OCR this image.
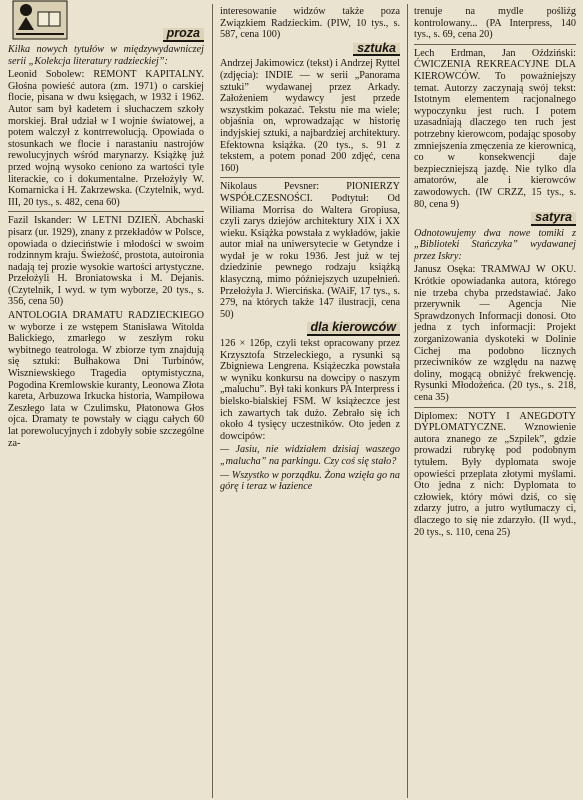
proza

Kilka nowych tytułów w międzywydawniczej serii „Kolekcja literatury radzieckiej”:

Leonid Sobolew: REMONT KAPITALNY. Głośna powieść autora (zm. 1971) o carskiej flocie, pisana w dwu księgach, w 1932 i 1962. Autor sam był kadetem i słuchaczem szkoły morskiej. Brał udział w I wojnie światowej, a potem walczył z kontrrewolucją. Opowiada o stosunkach we flocie i narastaniu nastrojów rewolucyjnych wśród marynarzy. Książkę już przed wojną wysoko ceniono za wartości tyle literackie, co i dokumentalne. Przełożyły W. Komarnicka i H. Zakrzewska. (Czytelnik, wyd. III, 20 tys., s. 482, cena 60)

Fazil Iskander: W LETNI DZIEŃ. Abchaski pisarz (ur. 1929), znany z przekładów w Polsce, opowiada o dzieciństwie i młodości w swoim rodzinnym kraju. Świeżość, prostota, autoironia nadają tej prozie wysokie wartości artystyczne. Przełożyli H. Broniatowska i M. Dejanis. (Czytelnik, I wyd. w tym wyborze, 20 tys., s. 356, cena 50)

ANTOLOGIA DRAMATU RADZIECKIEGO w wyborze i ze wstępem Stanisława Witolda Balickiego, zmarłego w zeszłym roku wybitnego teatrologa. W zbiorze tym znajdują się sztuki: Bułhakowa Dni Turbinów, Wiszniewskiego Tragedia optymistyczna, Pogodina Kremlowskie kuranty, Leonowa Złota kareta, Arbuzowa Irkucka historia, Wampiłowa Zeszłego lata w Czulimsku, Płatonowa Głos ojca. Dramaty te powstały w ciągu całych 60 lat porewolucyjnych i zdobyły sobie szczególne za-

interesowanie widzów także poza Związkiem Radzieckim. (PIW, 10 tys., s. 587, cena 100)

sztuka

Andrzej Jakimowicz (tekst) i Andrzej Ryttel (zdjęcia): INDIE — w serii „Panorama sztuki” wydawanej przez Arkady. Założeniem wydawcy jest przede wszystkim pokazać. Tekstu nie ma wiele; objaśnia on, wprowadzając w historię indyjskiej sztuki, a najbardziej architektury. Efektowna książka. (20 tys., s. 91 z tekstem, a potem ponad 200 zdjęć, cena 160)

Nikolaus Pevsner: PIONIERZY WSPÓŁCZESNOŚCI. Podtytuł: Od Wiliama Morrisa do Waltera Gropiusa, czyli zarys dziejów architektury XIX i XX wieku. Książka powstała z wykładów, jakie autor miał na uniwersytecie w Getyndze i wydał je w roku 1936. Jest już w tej dziedzinie pewnego rodzaju książką klasyczną, mimo późniejszych uzupełnień. Przełożyła J. Wiercińska. (WAiF, 17 tys., s. 279, na których także 147 ilustracji, cena 50)

dla kierowców

126 × 126p, czyli tekst opracowany przez Krzysztofa Strzeleckiego, a rysunki są Zbigniewa Lengrena. Książeczka powstała w wyniku konkursu na dowcipy o naszym „maluchu”. Był taki konkurs PA Interpress i bielsko-bialskiej FSM. W książeczce jest ich zawartych tak dużo. Zebrało się ich około 4 tysięcy uczestników. Oto jeden z dowcipów:

— Jasiu, nie widziałem dzisiaj waszego „malucha” na parkingu. Czy coś się stało?

— Wszystko w porządku. Żona wzięła go na górę i teraz w łazience

trenuje na mydle pośliźg kontrolowany... (PA Interpress, 140 tys., s. 69, cena 20)

Lech Erdman, Jan Oździński: ĆWICZENIA REKREACYJNE DLA KIEROWCÓW. To poważniejszy temat. Autorzy zaczynają swój tekst: Istotnym elementem racjonalnego wypoczynku jest ruch. I potem uzasadniają dlaczego ten ruch jest potrzebny kierowcom, podając sposoby zmniejszenia zmęczenia ze kierownicą, co w konsekwencji daje bezpieczniejszą jazdę. Nie tylko dla amatorów, ale i kierowców zawodowych. (IW CRZZ, 15 tys., s. 80, cena 9)

satyra

Odnotowujemy dwa nowe tomiki z „Biblioteki Stańczyka” wydawanej przez Iskry:

Janusz Osęka: TRAMWAJ W OKU. Krótkie opowiadanka autora, którego nie trzeba chyba przedstawiać. Jako przerywnik — Agencja Nie Sprawdzonych Informacji donosi. Oto jedna z tych informacji: Projekt zorganizowania dyskoteki w Dolinie Cichej ma podobno licznych przeciwników ze względu na nazwę doliny, mogącą obniżyć frekwencję. Rysunki Młodożeńca. (20 tys., s. 218, cena 35)

Diplomex: NOTY I ANEGDOTY DYPLOMATYCZNE. Wznowienie autora znanego ze „Szpilek”, gdzie prowadzi rubrykę pod podobnym tytułem. Były dyplomata swoje opowieści przeplata złotymi myślami. Oto jedna z nich: Dyplomata to człowiek, który mówi dziś, co się zdarzy jutro, a jutro wytłumaczy ci, dlaczego to się nie zdarzyło. (II wyd., 20 tys., s. 110, cena 25)
